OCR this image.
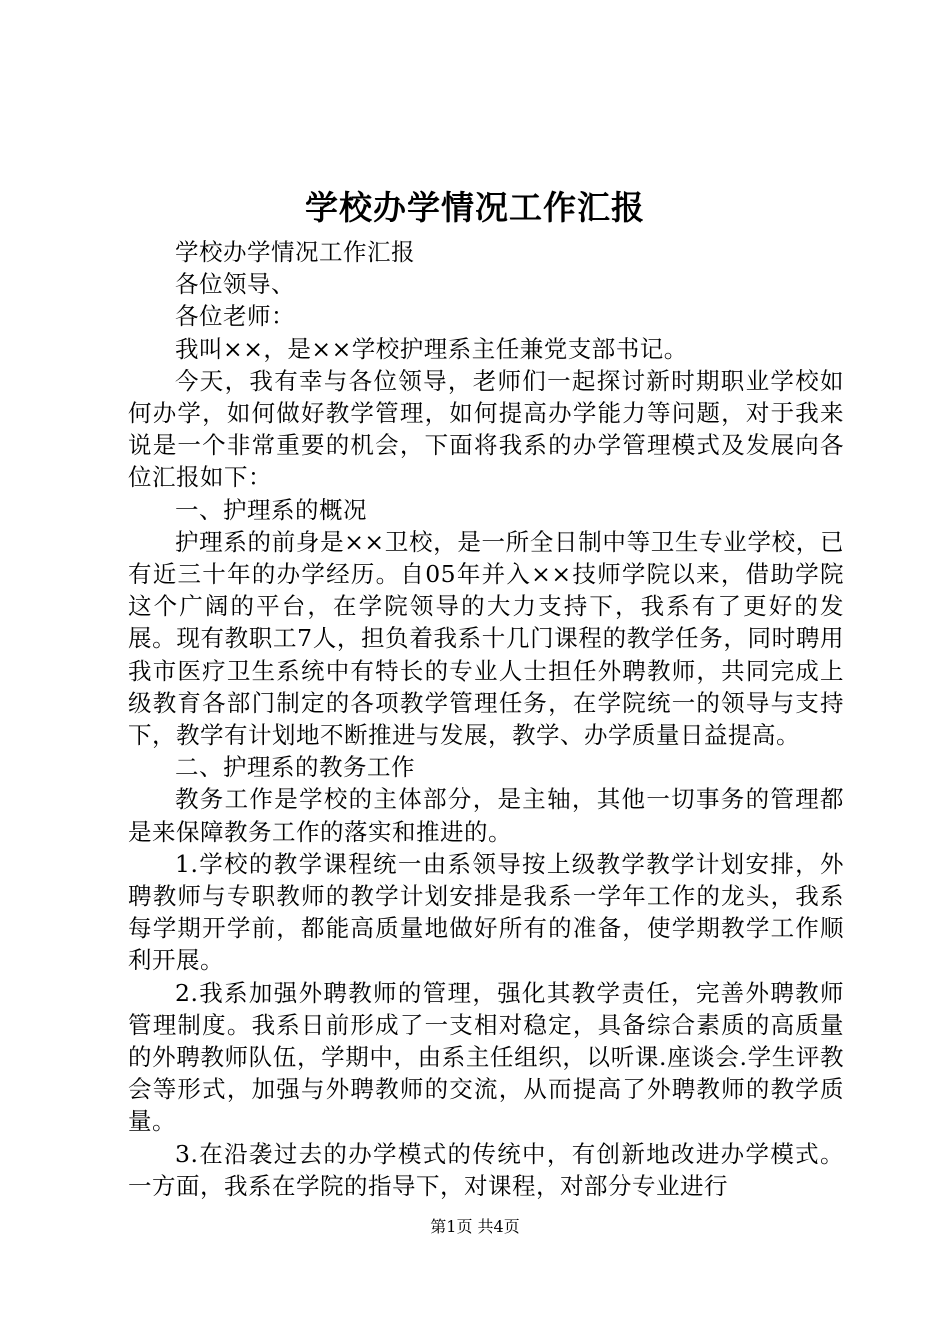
学校办学情况工作汇报

学校办学情况工作汇报

各位领导、

各位老师：

我叫××，是××学校护理系主任兼党支部书记。

今天，我有幸与各位领导，老师们一起探讨新时期职业学校如何办学，如何做好教学管理，如何提高办学能力等问题，对于我来说是一个非常重要的机会，下面将我系的办学管理模式及发展向各位汇报如下：

一、护理系的概况

护理系的前身是××卫校，是一所全日制中等卫生专业学校，已有近三十年的办学经历。自05年并入××技师学院以来，借助学院这个广阔的平台，在学院领导的大力支持下，我系有了更好的发展。现有教职工7人，担负着我系十几门课程的教学任务，同时聘用我市医疗卫生系统中有特长的专业人士担任外聘教师，共同完成上级教育各部门制定的各项教学管理任务，在学院统一的领导与支持下，教学有计划地不断推进与发展，教学、办学质量日益提高。

二、护理系的教务工作

教务工作是学校的主体部分，是主轴，其他一切事务的管理都是来保障教务工作的落实和推进的。

1.学校的教学课程统一由系领导按上级教学教学计划安排，外聘教师与专职教师的教学计划安排是我系一学年工作的龙头，我系每学期开学前，都能高质量地做好所有的准备，使学期教学工作顺利开展。

2.我系加强外聘教师的管理，强化其教学责任，完善外聘教师管理制度。我系日前形成了一支相对稳定，具备综合素质的高质量的外聘教师队伍，学期中，由系主任组织，以听课.座谈会.学生评教会等形式，加强与外聘教师的交流，从而提高了外聘教师的教学质量。

3.在沿袭过去的办学模式的传统中，有创新地改进办学模式。一方面，我系在学院的指导下，对课程，对部分专业进行

第1页 共4页
